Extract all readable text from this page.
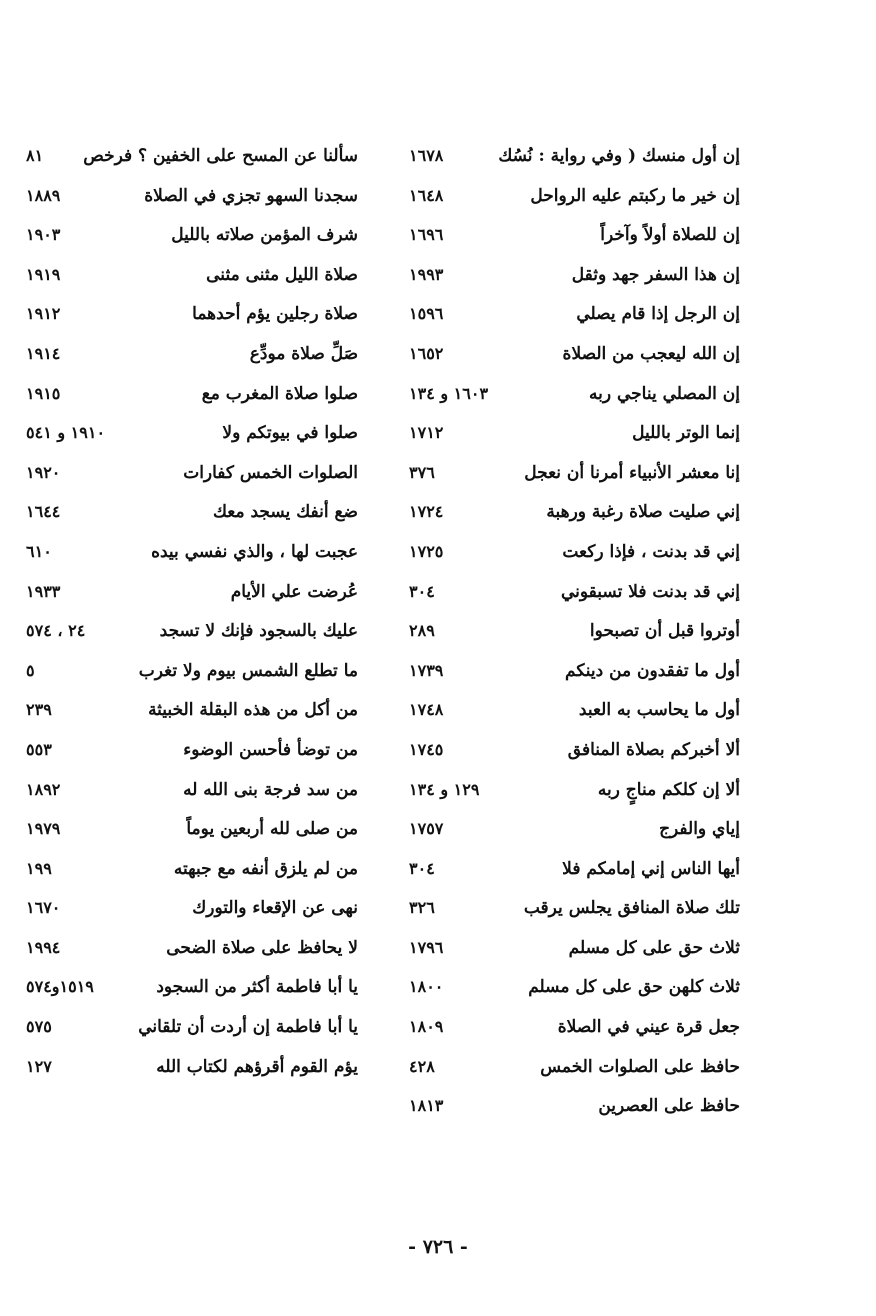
إن أول منسك ( وفي رواية : نُسُك
١٦٧٨
إن خير ما ركبتم عليه الرواحل
١٦٤٨
إن للصلاة أولاً وآخراً
١٦٩٦
إن هذا السفر جهد وثقل
١٩٩٣
إن الرجل إذا قام يصلي
١٥٩٦
إن الله ليعجب من الصلاة
١٦٥٢
إن المصلي يناجي ربه
١٦٠٣ و ١٣٤
إنما الوتر بالليل
١٧١٢
إنا معشر الأنبياء أمرنا أن نعجل
٣٧٦
إني صليت صلاة رغبة ورهبة
١٧٢٤
إني قد بدنت ، فإذا ركعت
١٧٢٥
إني قد بدنت فلا تسبقوني
٣٠٤
أوتروا قبل أن تصبحوا
٢٨٩
أول ما تفقدون من دينكم
١٧٣٩
أول ما يحاسب به العبد
١٧٤٨
ألا أخبركم بصلاة المنافق
١٧٤٥
ألا إن كلكم مناجٍ ربه
١٢٩ و ١٣٤
إياي والفرج
١٧٥٧
أيها الناس إني إمامكم فلا
٣٠٤
تلك صلاة المنافق يجلس يرقب
٣٢٦
ثلاث حق على كل مسلم
١٧٩٦
ثلاث كلهن حق على كل مسلم
١٨٠٠
جعل قرة عيني في الصلاة
١٨٠٩
حافظ على الصلوات الخمس
٤٢٨
حافظ على العصرين
١٨١٣
سألنا عن المسح على الخفين ؟ فرخص
٨١
سجدنا السهو تجزي في الصلاة
١٨٨٩
شرف المؤمن صلاته بالليل
١٩٠٣
صلاة الليل مثنى مثنى
١٩١٩
صلاة رجلين يؤم أحدهما
١٩١٢
صَلِّ صلاة مودِّع
١٩١٤
صلوا صلاة المغرب مع
١٩١٥
صلوا في بيوتكم ولا
١٩١٠ و ٥٤١
الصلوات الخمس كفارات
١٩٢٠
ضع أنفك يسجد معك
١٦٤٤
عجبت لها ، والذي نفسي بيده
٦١٠
عُرضت علي الأيام
١٩٣٣
عليك بالسجود فإنك لا تسجد
٢٤ ، ٥٧٤
ما تطلع الشمس بيوم ولا تغرب
٥
من أكل من هذه البقلة الخبيثة
٢٣٩
من توضأ فأحسن الوضوء
٥٥٣
من سد فرجة بنى الله له
١٨٩٢
من صلى لله أربعين يوماً
١٩٧٩
من لم يلزق أنفه مع جبهته
١٩٩
نهى عن الإقعاء والتورك
١٦٧٠
لا يحافظ على صلاة الضحى
١٩٩٤
يا أبا فاطمة أكثر من السجود
١٥١٩و٥٧٤
يا أبا فاطمة إن أردت أن تلقاني
٥٧٥
يؤم القوم أقرؤهم لكتاب الله
١٢٧
- ٧٢٦ -
